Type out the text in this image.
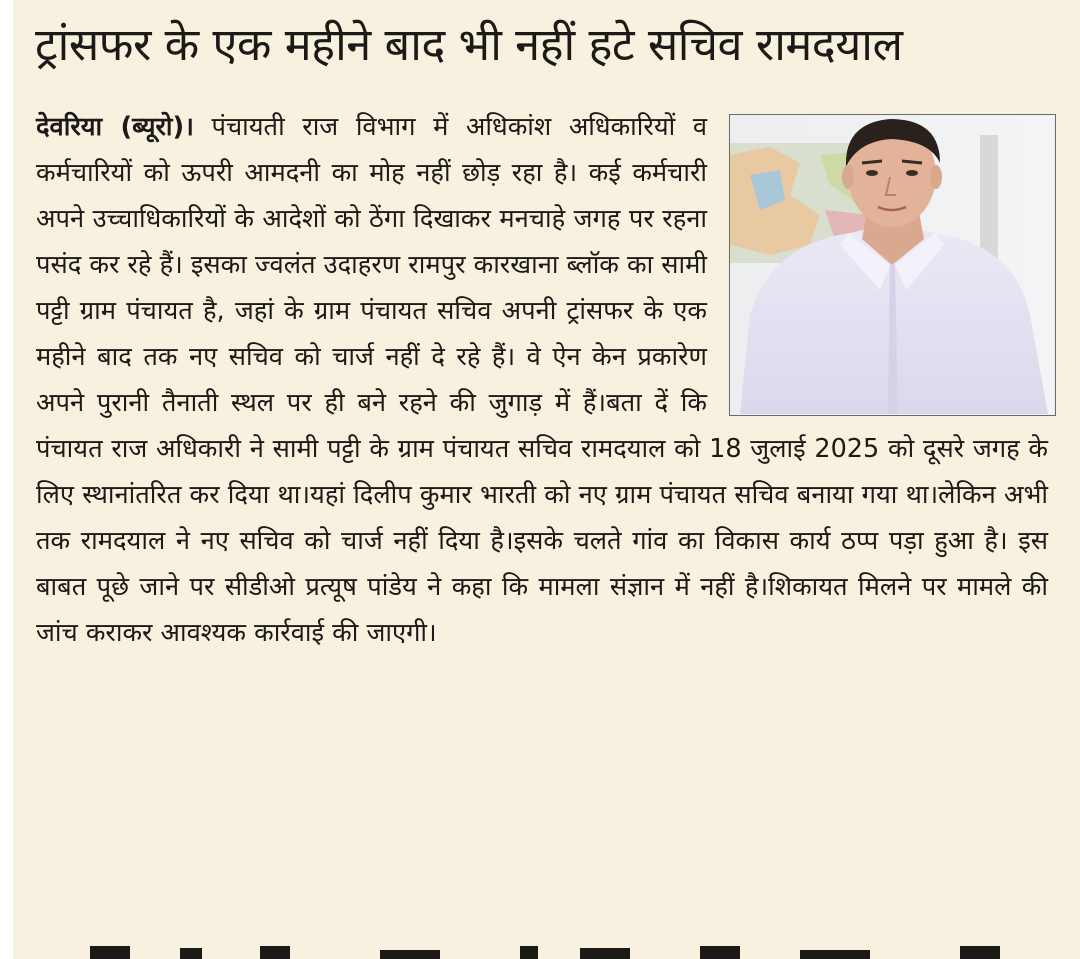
ट्रांसफर के एक महीने बाद भी नहीं हटे सचिव रामदयाल
देवरिया (ब्यूरो)। पंचायती राज विभाग में अधिकांश अधिकारियों व कर्मचारियों को ऊपरी आमदनी का मोह नहीं छोड़ रहा है। कई कर्मचारी अपने उच्चाधिकारियों के आदेशों को ठेंगा दिखाकर मनचाहे जगह पर रहना पसंद कर रहे हैं। इसका ज्वलंत उदाहरण रामपुर कारखाना ब्लॉक का सामी पट्टी ग्राम पंचायत है, जहां के ग्राम पंचायत सचिव अपनी ट्रांसफर के एक महीने बाद तक नए सचिव को चार्ज नहीं दे रहे हैं। वे ऐन केन प्रकारेण अपने पुरानी तैनाती स्थल पर ही बने रहने की जुगाड़ में हैं।बता दें कि पंचायत राज अधिकारी ने सामी पट्टी के ग्राम पंचायत सचिव रामदयाल को 18 जुलाई 2025 को दूसरे जगह के लिए स्थानांतरित कर दिया था।यहां दिलीप कुमार भारती को नए ग्राम पंचायत सचिव बनाया गया था।लेकिन अभी तक रामदयाल ने नए सचिव को चार्ज नहीं दिया है।इसके चलते गांव का विकास कार्य ठप्प पड़ा हुआ है। इस बाबत पूछे जाने पर सीडीओ प्रत्यूष पांडेय ने कहा कि मामला संज्ञान में नहीं है।शिकायत मिलने पर मामले की जांच कराकर आवश्यक कार्रवाई की जाएगी।
